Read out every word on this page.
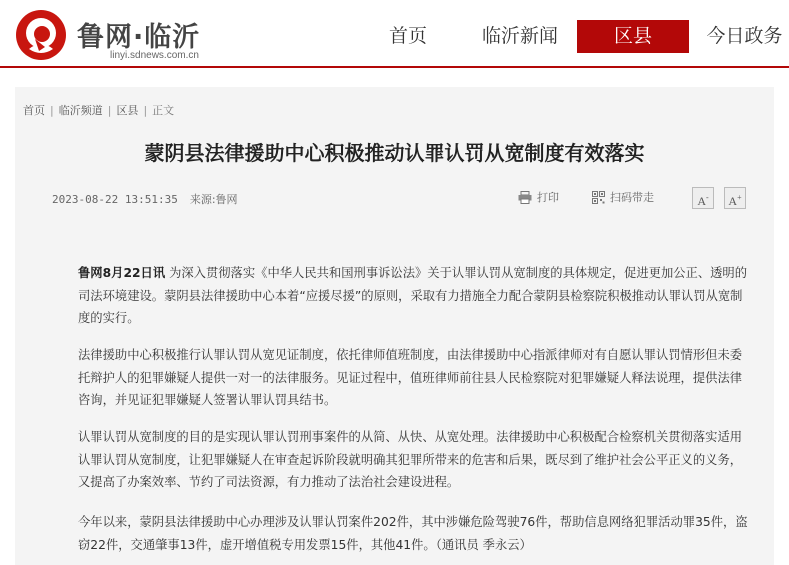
鲁网·临沂
linyi.sdnews.com.cn
首页	临沂新闻	区县	今日政务
首页 | 临沂频道 | 区县 | 正文
蒙阴县法律援助中心积极推动认罪认罚从宽制度有效落实
2023-08-22 13:51:35 来源:鲁网	打印	扫码带走	A-	A+
鲁网8月22日讯 为深入贯彻落实《中华人民共和国刑事诉讼法》关于认罪认罚从宽制度的具体规定，促进更加公正、透明的司法环境建设。蒙阴县法律援助中心本着“应援尽援”的原则，采取有力措施全力配合蒙阴县检察院积极推动认罪认罚从宽制度的实行。
法律援助中心积极推行认罪认罚从宽见证制度，依托律师值班制度，由法律援助中心指派律师对有自愿认罪认罚情形但未委托辩护人的犯罪嫌疑人提供一对一的法律服务。见证过程中，值班律师前往县人民检察院对犯罪嫌疑人释法说理，提供法律咨询，并见证犯罪嫌疑人签署认罪认罚具结书。
认罪认罚从宽制度的目的是实现认罪认罚刑事案件的从简、从快、从宽处理。法律援助中心积极配合检察机关贯彻落实适用认罪认罚从宽制度，让犯罪嫌疑人在审查起诉阶段就明确其犯罪所带来的危害和后果，既尽到了维护社会公平正义的义务，又提高了办案效率、节约了司法资源，有力推动了法治社会建设进程。
今年以来，蒙阴县法律援助中心办理涉及认罪认罚案件202件，其中涉嫌危险驾驶76件，帮助信息网络犯罪活动罪35件，盗窃22件，交通肇事13件，虚开增值税专用发票15件，其他41件。（通讯员 季永云）
